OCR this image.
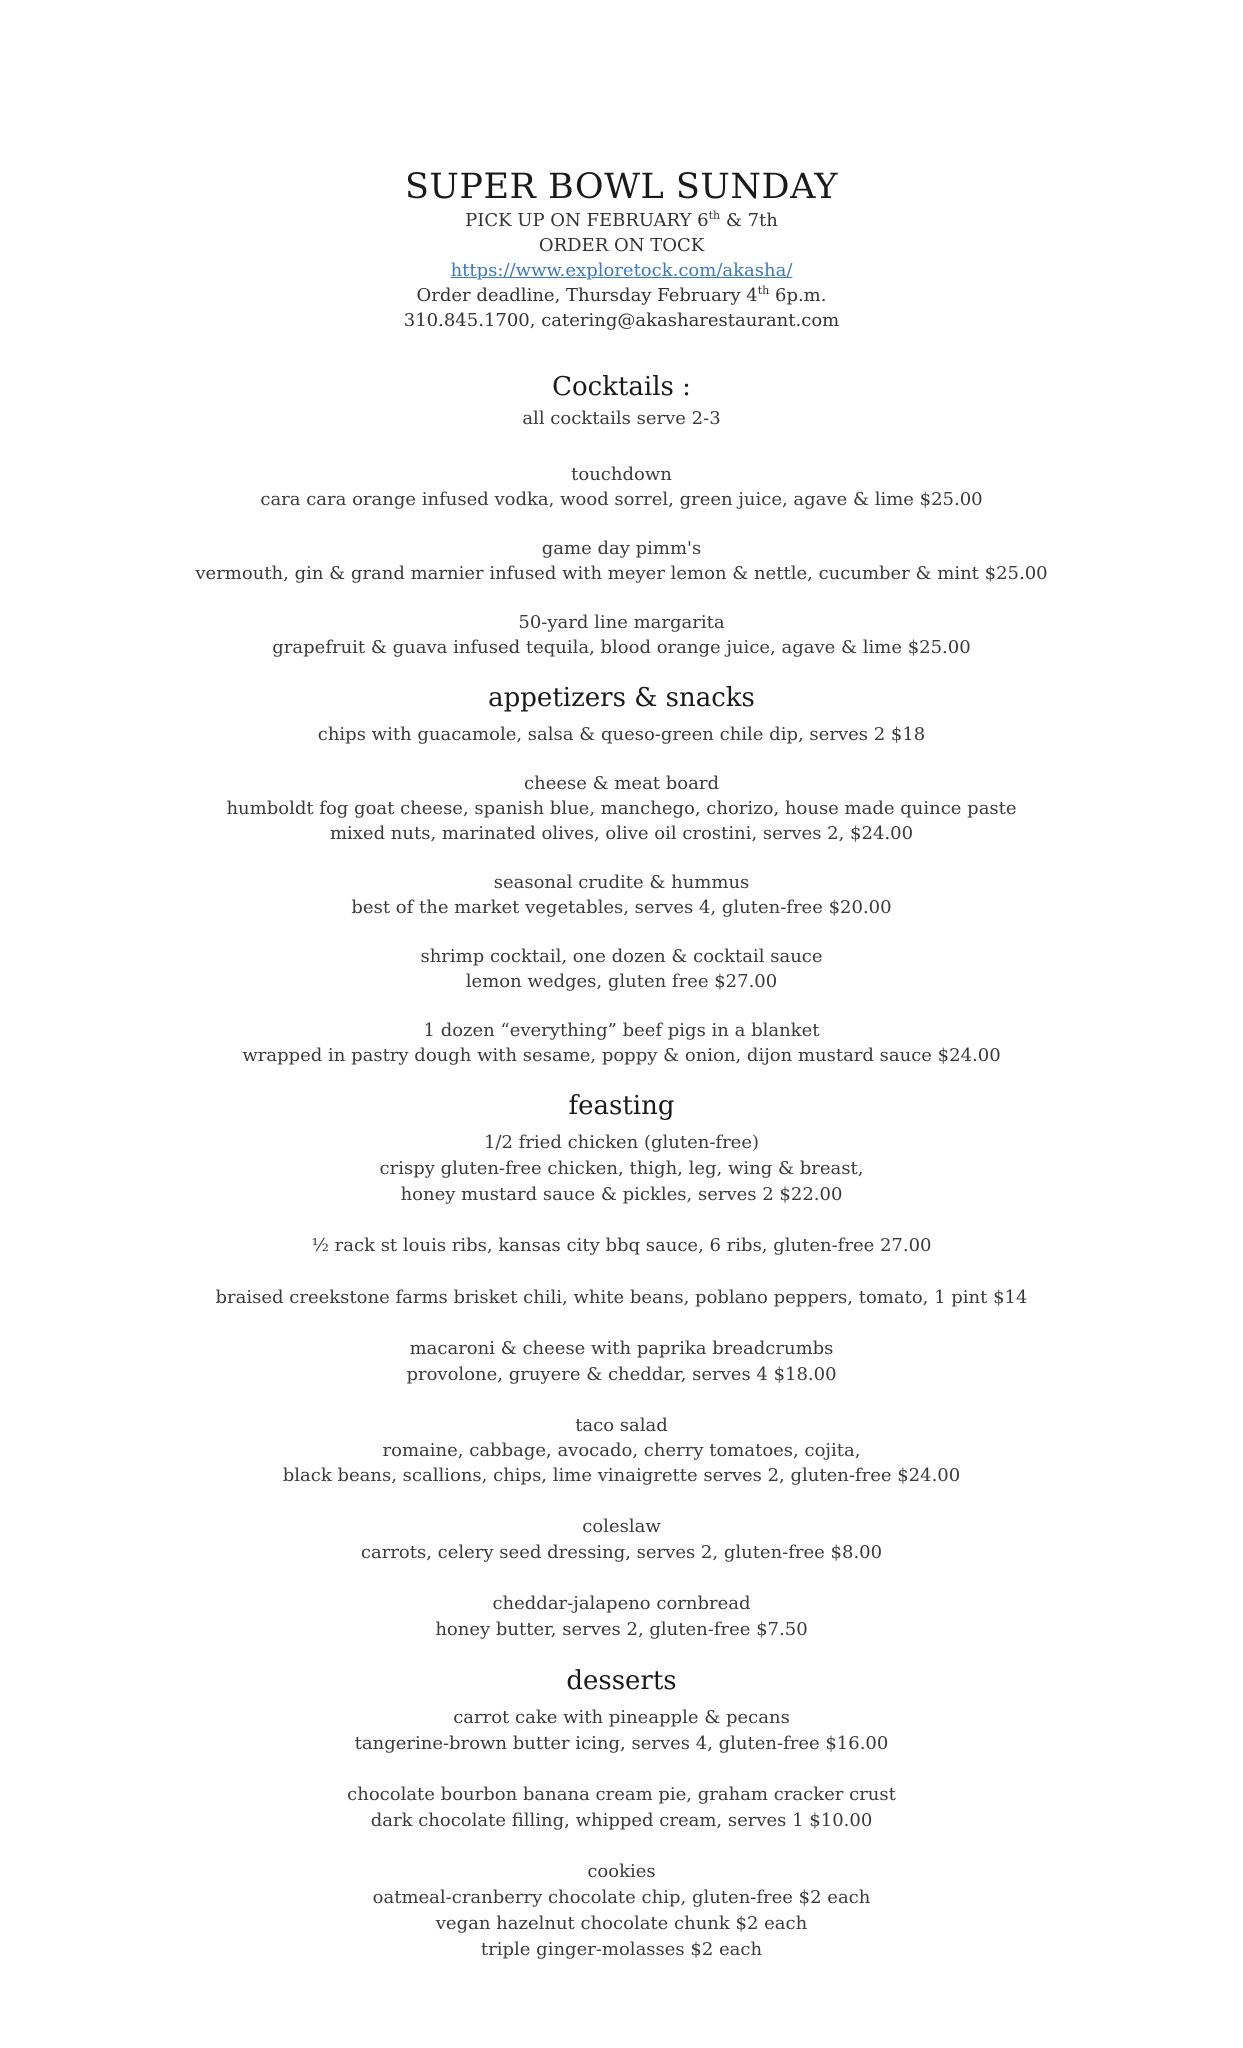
SUPER BOWL SUNDAY
PICK UP ON FEBRUARY 6th & 7th
ORDER ON TOCK
https://www.exploretock.com/akasha/
Order deadline, Thursday February 4th 6p.m.
310.845.1700, catering@akasharestaurant.com
Cocktails :
all cocktails serve 2-3
touchdown
cara cara orange infused vodka, wood sorrel, green juice, agave & lime $25.00
game day pimm's
vermouth, gin & grand marnier infused with meyer lemon & nettle, cucumber & mint $25.00
50-yard line margarita
grapefruit & guava infused tequila, blood orange juice, agave & lime $25.00
appetizers & snacks
chips with guacamole, salsa & queso-green chile dip, serves 2 $18
cheese & meat board
humboldt fog goat cheese, spanish blue, manchego, chorizo, house made quince paste
mixed nuts, marinated olives, olive oil crostini, serves 2, $24.00
seasonal crudite & hummus
best of the market vegetables, serves 4, gluten-free $20.00
shrimp cocktail, one dozen & cocktail sauce
lemon wedges, gluten free $27.00
1 dozen “everything” beef pigs in a blanket
wrapped in pastry dough with sesame, poppy & onion, dijon mustard sauce $24.00
feasting
1/2 fried chicken (gluten-free)
crispy gluten-free chicken, thigh, leg, wing & breast,
honey mustard sauce & pickles, serves 2 $22.00
½ rack st louis ribs, kansas city bbq sauce, 6 ribs, gluten-free 27.00
braised creekstone farms brisket chili, white beans, poblano peppers, tomato, 1 pint $14
macaroni & cheese with paprika breadcrumbs
provolone, gruyere & cheddar, serves 4 $18.00
taco salad
romaine, cabbage, avocado, cherry tomatoes, cojita,
black beans, scallions, chips, lime vinaigrette serves 2, gluten-free $24.00
coleslaw
carrots, celery seed dressing, serves 2, gluten-free $8.00
cheddar-jalapeno cornbread
honey butter, serves 2, gluten-free $7.50
desserts
carrot cake with pineapple & pecans
tangerine-brown butter icing, serves 4, gluten-free $16.00
chocolate bourbon banana cream pie, graham cracker crust
dark chocolate filling, whipped cream, serves 1 $10.00
cookies
oatmeal-cranberry chocolate chip, gluten-free $2 each
vegan hazelnut chocolate chunk $2 each
triple ginger-molasses $2 each
